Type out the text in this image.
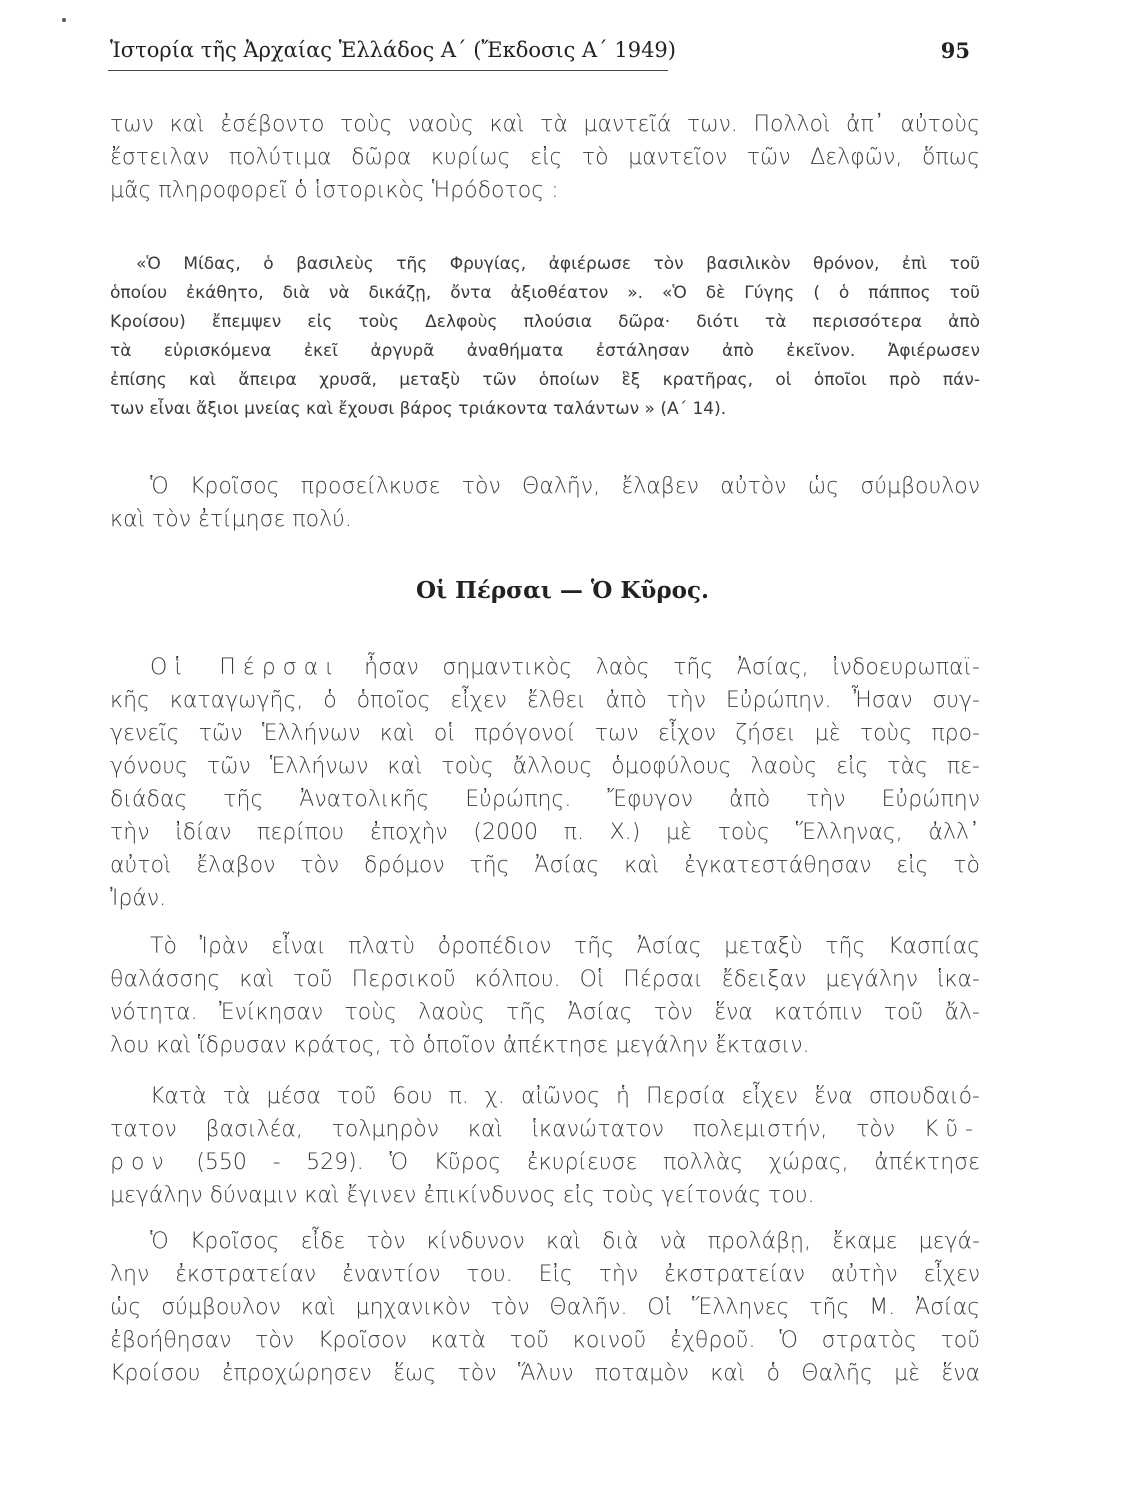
Ἱστορία τῆς Ἀρχαίας Ἑλλάδος Α΄ (Ἔκδοσις Α΄ 1949)	95
των καὶ ἐσέβοντο τοὺς ναοὺς καὶ τὰ μαντεῖά των. Πολλοὶ ἀπ᾽ αὐτοὺς
ἔστειλαν πολύτιμα δῶρα κυρίως εἰς τὸ μαντεῖον τῶν Δελφῶν, ὅπως
μᾶς πληροφορεῖ ὁ ἱστορικὸς Ἡρόδοτος :
«Ὁ Μίδας, ὁ βασιλεὺς τῆς Φρυγίας, ἀφιέρωσε τὸν βασιλικὸν θρόνον, ἐπὶ τοῦ
ὁποίου ἐκάθητο, διὰ νὰ δικάζῃ, ὄντα ἀξιοθέατον ». «Ὁ δὲ Γύγης ( ὁ πάππος τοῦ
Κροίσου) ἔπεμψεν εἰς τοὺς Δελφοὺς πλούσια δῶρα· διότι τὰ περισσότερα ἀπὸ
τὰ εὑρισκόμενα ἐκεῖ ἀργυρᾶ ἀναθήματα ἐστάλησαν ἀπὸ ἐκεῖνον. Ἀφιέρωσεν
ἐπίσης καὶ ἄπειρα χρυσᾶ, μεταξὺ τῶν ὁποίων ἓξ κρατῆρας, οἱ ὁποῖοι πρὸ πάν-
των εἶναι ἄξιοι μνείας καὶ ἔχουσι βάρος τριάκοντα ταλάντων » (Α΄ 14).
Ὁ Κροῖσος προσείλκυσε τὸν Θαλῆν, ἔλαβεν αὐτὸν ὡς σύμβουλον
καὶ τὸν ἐτίμησε πολύ.
Οἱ Πέρσαι — Ὁ Κῦρος.
Οἱ Πέρσαι ἦσαν σημαντικὸς λαὸς τῆς Ἀσίας, ἰνδοευρωπαϊ-
κῆς καταγωγῆς, ὁ ὁποῖος εἶχεν ἔλθει ἀπὸ τὴν Εὐρώπην. Ἦσαν συγ-
γενεῖς τῶν Ἑλλήνων καὶ οἱ πρόγονοί των εἶχον ζήσει μὲ τοὺς προ-
γόνους τῶν Ἑλλήνων καὶ τοὺς ἄλλους ὁμοφύλους λαοὺς εἰς τὰς πε-
διάδας τῆς Ἀνατολικῆς Εὐρώπης. Ἔφυγον ἀπὸ τὴν Εὐρώπην
τὴν ἰδίαν περίπου ἐποχὴν (2000 π. Χ.) μὲ τοὺς Ἕλληνας, ἀλλ᾽
αὐτοὶ ἔλαβον τὸν δρόμον τῆς Ἀσίας καὶ ἐγκατεστάθησαν εἰς τὸ
Ἰράν.
Τὸ Ἰρὰν εἶναι πλατὺ ὀροπέδιον τῆς Ἀσίας μεταξὺ τῆς Κασπίας
θαλάσσης καὶ τοῦ Περσικοῦ κόλπου. Οἱ Πέρσαι ἔδειξαν μεγάλην ἱκα-
νότητα. Ἐνίκησαν τοὺς λαοὺς τῆς Ἀσίας τὸν ἕνα κατόπιν τοῦ ἄλ-
λου καὶ ἵδρυσαν κράτος, τὸ ὁποῖον ἀπέκτησε μεγάλην ἔκτασιν.
Κατὰ τὰ μέσα τοῦ 6ου π. χ. αἰῶνος ἡ Περσία εἶχεν ἕνα σπουδαιό-
τατον βασιλέα, τολμηρὸν καὶ ἱκανώτατον πολεμιστήν, τὸν Κῦ-
ρον (550 - 529). Ὁ Κῦρος ἐκυρίευσε πολλὰς χώρας, ἀπέκτησε
μεγάλην δύναμιν καὶ ἔγινεν ἐπικίνδυνος εἰς τοὺς γείτονάς του.
Ὁ Κροῖσος εἶδε τὸν κίνδυνον καὶ διὰ νὰ προλάβῃ, ἔκαμε μεγά-
λην ἐκστρατείαν ἐναντίον του. Εἰς τὴν ἐκστρατείαν αὐτὴν εἶχεν
ὡς σύμβουλον καὶ μηχανικὸν τὸν Θαλῆν. Οἱ Ἕλληνες τῆς Μ. Ἀσίας
ἐβοήθησαν τὸν Κροῖσον κατὰ τοῦ κοινοῦ ἐχθροῦ. Ὁ στρατὸς τοῦ
Κροίσου ἐπροχώρησεν ἕως τὸν Ἅλυν ποταμὸν καὶ ὁ Θαλῆς μὲ ἕνα
